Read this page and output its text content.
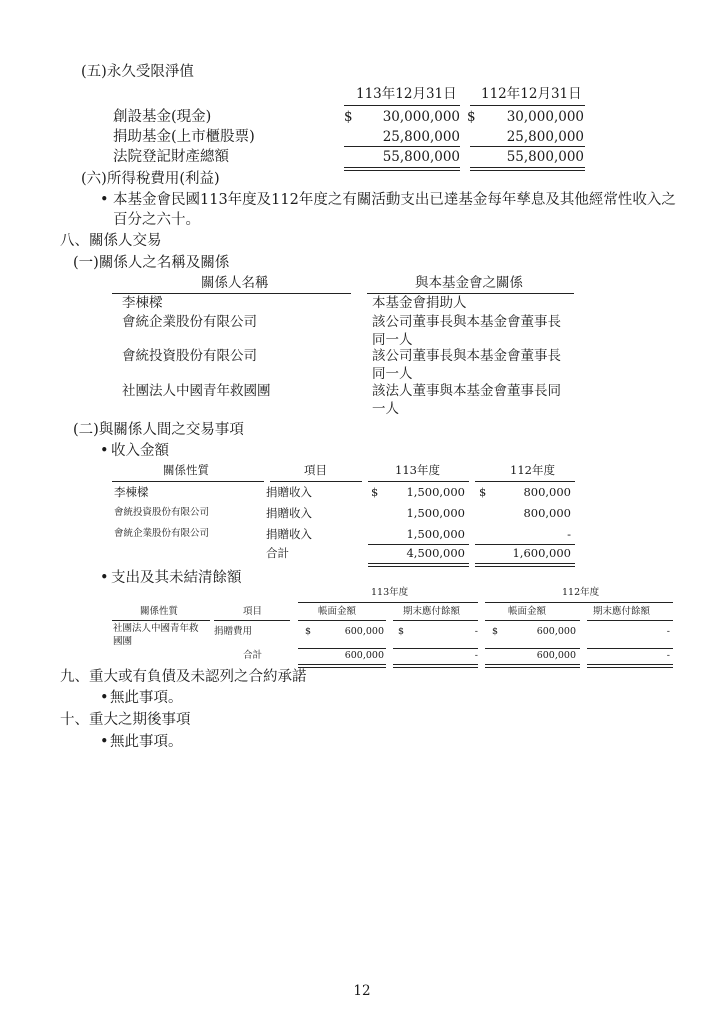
(五)永久受限淨值
113年12月31日 112年12月31日
創設基金(現金)	$	30,000,000 $	30,000,000
捐助基金(上市櫃股票)	25,800,000	25,800,000
法院登記財產總額	55,800,000	55,800,000
(六)所得稅費用(利益)
• 本基金會民國113年度及112年度之有關活動支出已達基金每年孳息及其他經常性收入之
百分之六十。
八、關係人交易
(一)關係人之名稱及關係
關係人名稱	與本基金會之關係
李棟樑	本基金會捐助人
會統企業股份有限公司	該公司董事長與本基金會董事長
同一人
會統投資股份有限公司	該公司董事長與本基金會董事長
同一人
社團法人中國青年救國團	該法人董事與本基金會董事長同
一人
(二)與關係人間之交易事項
• 收入金額
關係性質	項目	113年度	112年度
李棟樑	捐贈收入	$	1,500,000 $	800,000
會統投資股份有限公司	捐贈收入	1,500,000	800,000
會統企業股份有限公司	捐贈收入	1,500,000	-
合計	4,500,000	1,600,000
• 支出及其未結清餘額
113年度	112年度
關係性質	項目	帳面金額	期末應付餘額	帳面金額	期末應付餘額
社團法人中國青年救
國團
捐贈費用	$	600,000 $	- $	600,000	-
合計	600,000	-	600,000	-
九、重大或有負債及未認列之合約承諾
• 無此事項。
十、重大之期後事項
• 無此事項。
12
